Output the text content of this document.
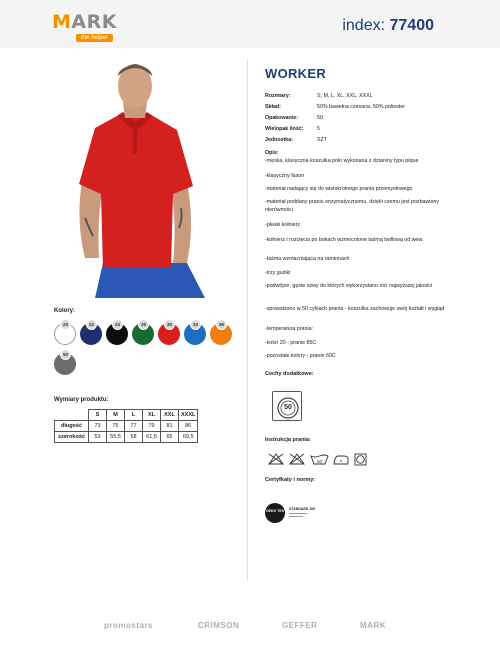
MARK
the helper
index: 77400
Kolory:
20	22	24	26	30	33	36
50
Wymiary produktu:
	S	M	L	XL	XXL	XXXL
długość	73	75	77	79	81	86
szerokość	53	55,5	58	61,5	65	69,5
WORKER
Rozmiary:	S, M, L, XL, XXL, XXXL
Skład:	50% bawełna czesana, 50% poliester
Opakowanie:	50
Wielopak ilość:	5
Jednostka:	SZT
Opis:
-męska, klasyczna koszulka polo wykonana z dzianiny typu pique
-klasyczny fason
-materiał nadający się do wielokrotnego prania przemysłowego
-materiał poddany praniu enzymatycznemu, dzięki czemu jest pozbawiony nierówności
-płaski kołnierz
-kołnierz i rozcięcia po bokach wzmocnione taśmą twillową od wew.
-taśma wzmacniająca na ramionach
-trzy guziki
-podwójne, gęste szwy do których wykorzystano nici najwyższej jakości
-sprawdzono w 50 cyklach prania - koszulka zachowuje swój kształt i wygląd
-temperatura prania:
-kolor 20 - pranie 85C
-pozostałe kolory - pranie 60C
Cechy dodatkowe:
50
Instrukcja prania:
60
Certyfkaty i normy:
OEKO TEX STANDARD 100
promostars	CRIMSON	GEFFER	MARK
